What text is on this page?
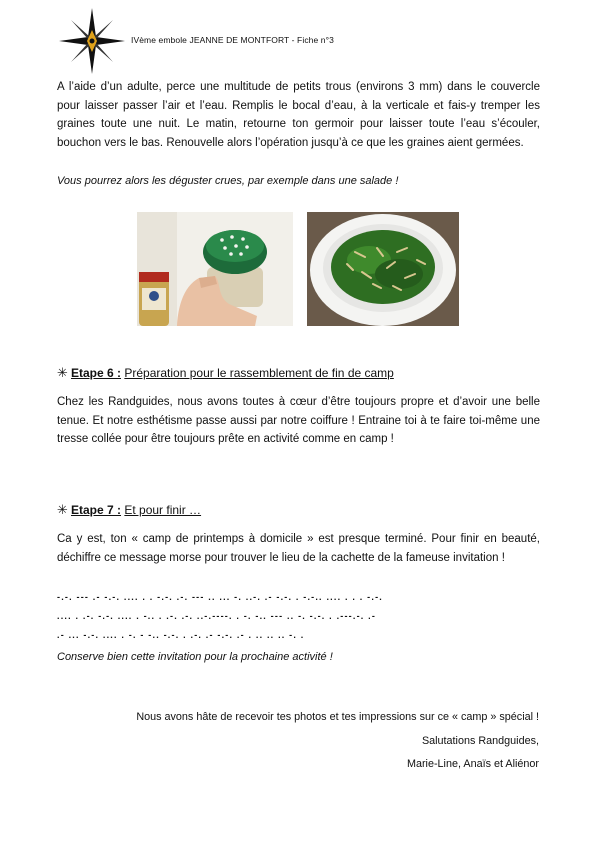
IVème embole JEANNE DE MONTFORT - Fiche n°3
A l’aide d’un adulte, perce une multitude de petits trous (environs 3 mm) dans le couvercle pour laisser passer l’air et l’eau. Remplis le bocal d’eau, à la verticale et fais-y tremper les graines toute une nuit. Le matin, retourne ton germoir pour laisser toute l’eau s’écouler, bouchon vers le bas. Renouvelle alors l’opération jusqu’à ce que les graines aient germées.
Vous pourrez alors les déguster crues, par exemple dans une salade !
✳ Etape 6 : Préparation pour le rassemblement de fin de camp
Chez les Randguides, nous avons toutes à cœur d’être toujours propre et d’avoir une belle tenue. Et notre esthétisme passe aussi par notre coiffure ! Entraine toi à te faire toi-même une tresse collée pour être toujours prête en activité comme en camp !
✳ Etape 7 : Et pour finir …
Ca y est, ton « camp de printemps à domicile » est presque terminé. Pour finir en beauté, déchiffre ce message morse pour trouver le lieu de la cachette de la fameuse invitation !
-.-. --- .- -.-. .... . . -.-. .-. --- .. ... -. ..-. .- -.-. . -.-.. .... . . . -.-.
.... . .-. -.-. .... . -.. . .-. .-. ..-.----. . -. -.. --- .. -. -.-. . .---.-. .-
.- ... -.-. .... . -. - -.. -.-. . .-. .- -.-. .- . .. .. .. -. .
Conserve bien cette invitation pour la prochaine activité !
Nous avons hâte de recevoir tes photos et tes impressions sur ce « camp » spécial !
Salutations Randguides,
Marie-Line, Anaïs et Aliénor
